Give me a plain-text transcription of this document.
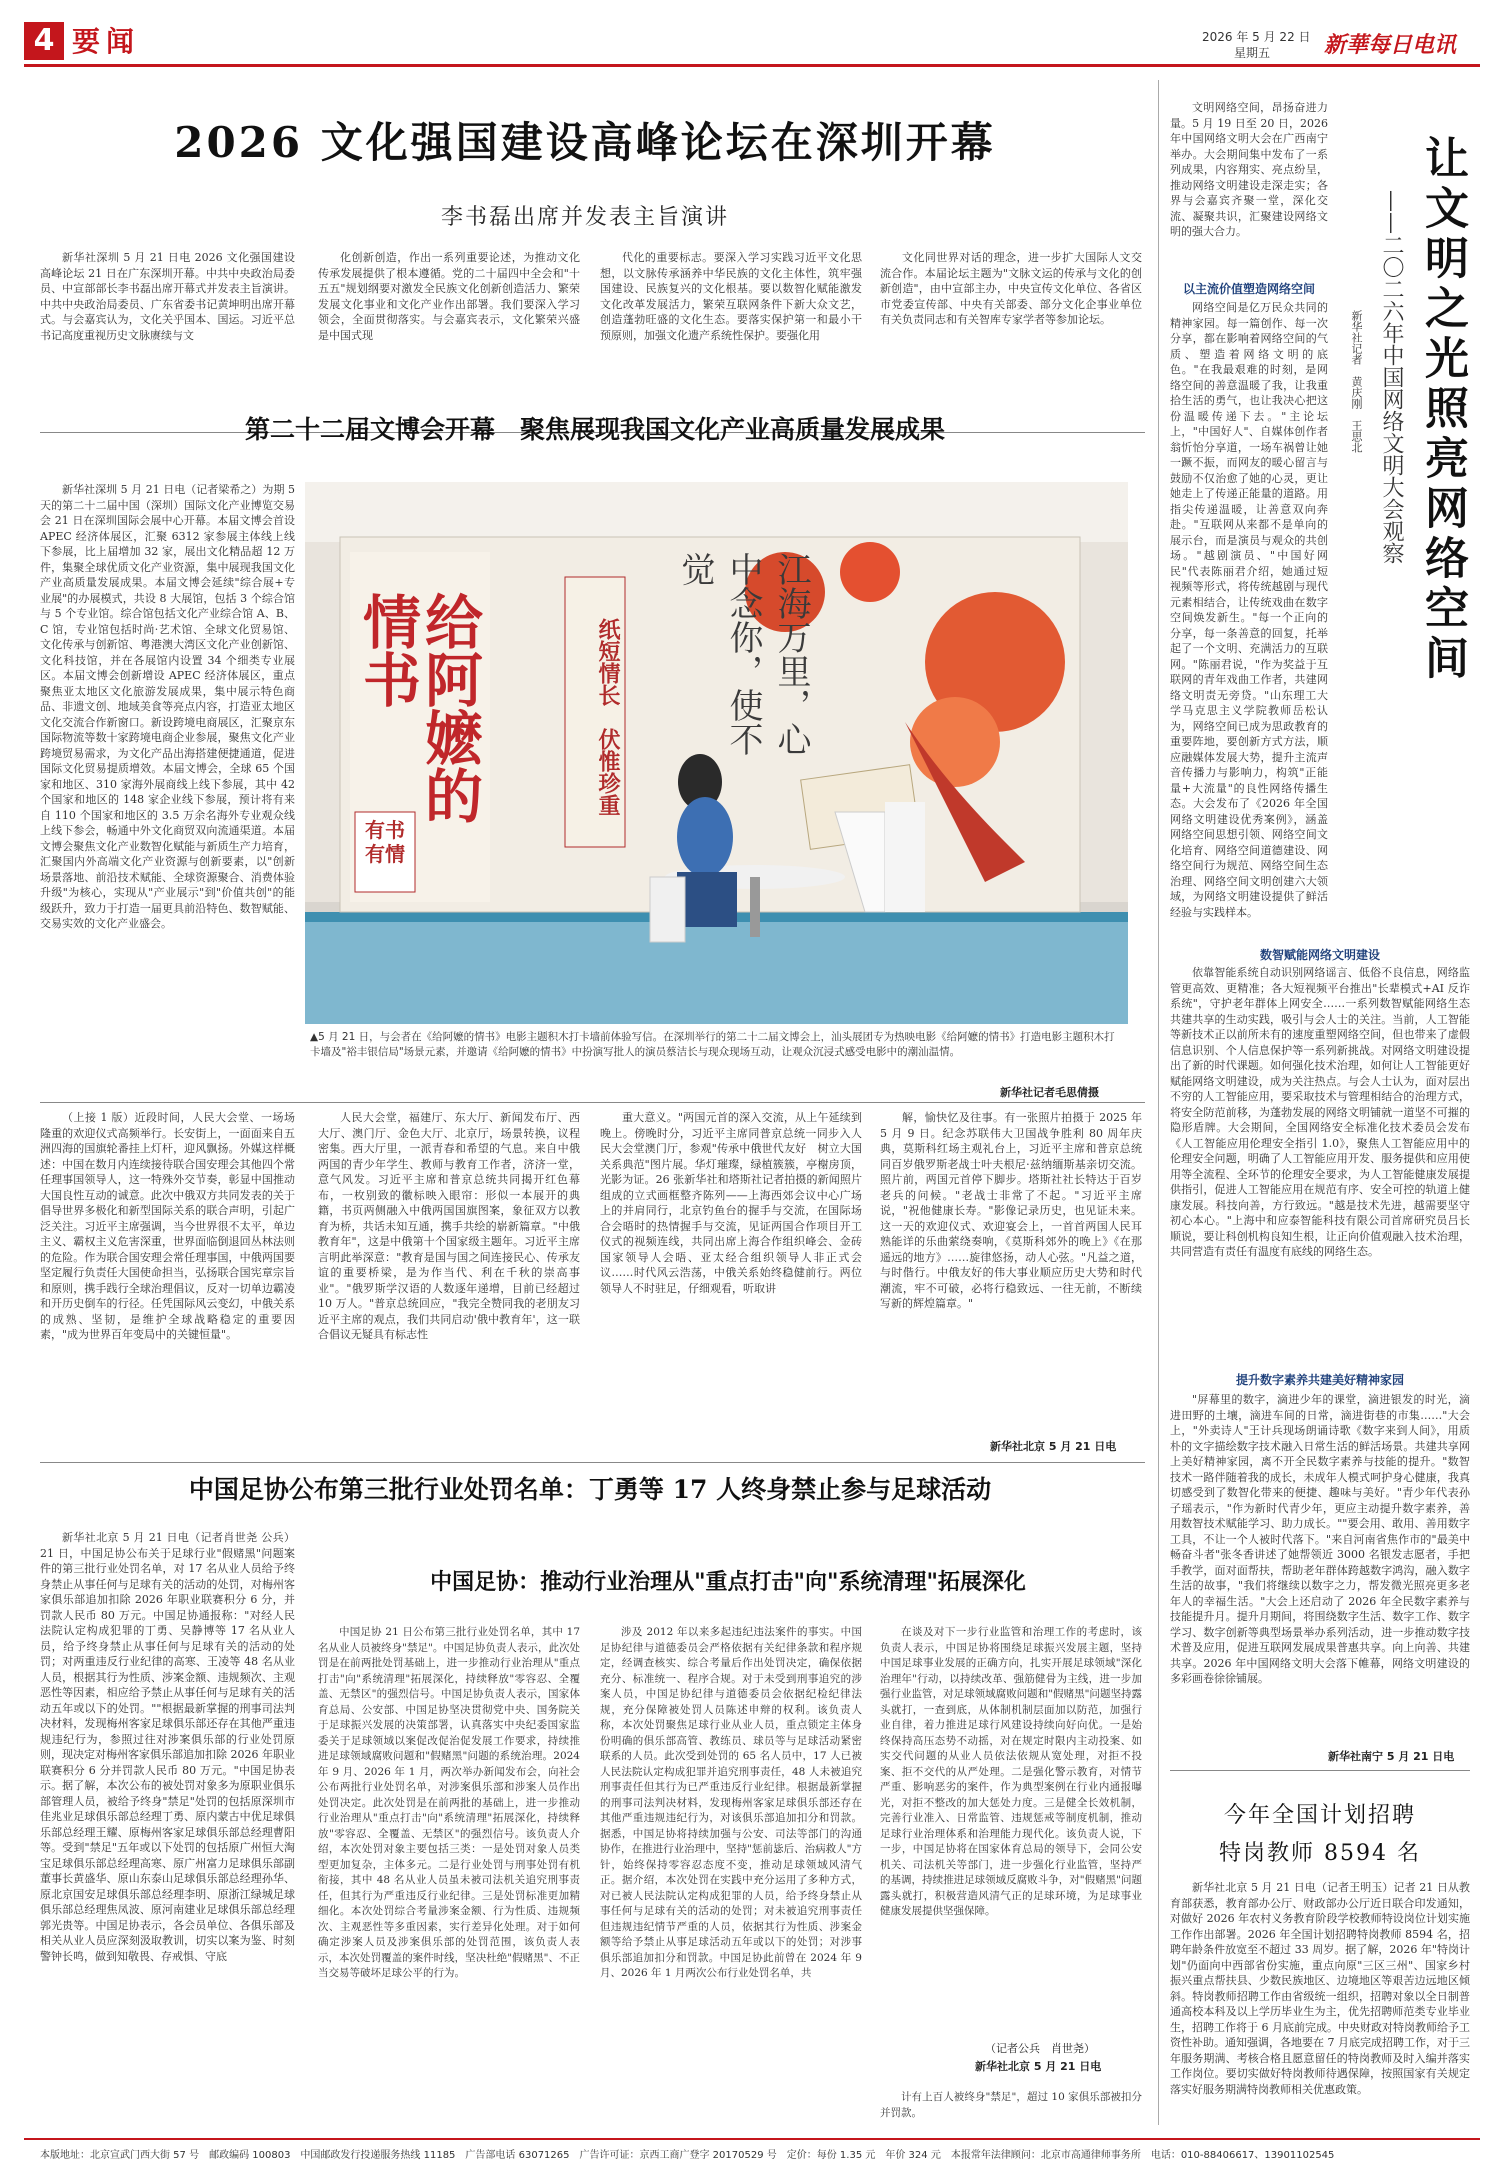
4 要闻	2026 年 5 月 22 日
星期五 新華每日电讯
2026 文化强国建设高峰论坛在深圳开幕
李书磊出席并发表主旨演讲
新华社深圳 5 月 21 日电 2026 文化强国建设高峰论坛 21 日在广东深圳开幕。中共中央政治局委员、中宣部部长李书磊出席开幕式并发表主旨演讲。中共中央政治局委员、广东省委书记黄坤明出席开幕式。与会嘉宾认为，文化关乎国本、国运。习近平总书记高度重视历史文脉赓续与文
化创新创造，作出一系列重要论述，为推动文化传承发展提供了根本遵循。党的二十届四中全会和"十五五"规划纲要对激发全民族文化创新创造活力、繁荣发展文化事业和文化产业作出部署。我们要深入学习领会，全面贯彻落实。与会嘉宾表示，文化繁荣兴盛是中国式现
代化的重要标志。要深入学习实践习近平文化思想，以文脉传承涵养中华民族的文化主体性，筑牢强国建设、民族复兴的文化根基。要以数智化赋能激发文化改革发展活力，繁荣互联网条件下新大众文艺，创造蓬勃旺盛的文化生态。要落实保护第一和最小干预原则，加强文化遗产系统性保护。要强化用
文化同世界对话的理念，进一步扩大国际人文交流合作。本届论坛主题为"文脉文运的传承与文化的创新创造"，由中宣部主办，中央宣传文化单位、各省区市党委宣传部、中央有关部委、部分文化企事业单位有关负责同志和有关智库专家学者等参加论坛。
第二十二届文博会开幕　聚焦展现我国文化产业高质量发展成果
新华社深圳 5 月 21 日电（记者梁希之）为期 5 天的第二十二届中国（深圳）国际文化产业博览交易会 21 日在深圳国际会展中心开幕。本届文博会首设 APEC 经济体展区，汇聚 6312 家参展主体线上线下参展，比上届增加 32 家，展出文化精品超 12 万件，集聚全球优质文化产业资源，集中展现我国文化产业高质量发展成果。本届文博会延续"综合展+专业展"的办展模式，共设 8 大展馆，包括 3 个综合馆与 5 个专业馆。综合馆包括文化产业综合馆 A、B、C 馆，专业馆包括时尚·艺术馆、全球文化贸易馆、文化传承与创新馆、粤港澳大湾区文化产业创新馆、文化科技馆，并在各展馆内设置 34 个细类专业展区。本届文博会创新增设 APEC 经济体展区，重点聚焦亚太地区文化旅游发展成果，集中展示特色商品、非遗文创、地域美食等亮点内容，打造亚太地区文化交流合作新窗口。新设跨境电商展区，汇聚京东国际物流等数十家跨境电商企业参展，聚焦文化产业跨境贸易需求，为文化产品出海搭建便捷通道，促进国际文化贸易提质增效。本届文博会，全球 65 个国家和地区、310 家海外展商线上线下参展，其中 42 个国家和地区的 148 家企业线下参展，预计将有来自 110 个国家和地区的 3.5 万余名海外专业观众线上线下参会，畅通中外文化商贸双向流通渠道。本届文博会聚焦文化产业数智化赋能与新质生产力培育，汇聚国内外高端文化产业资源与创新要素，以"创新场景落地、前沿技术赋能、全球资源聚合、消费体验升级"为核心，实现从"产业展示"到"价值共创"的能级跃升，致力于打造一届更具前沿特色、数智赋能、交易实效的文化产业盛会。
给阿嬷的情书	江海万里，心中念你，使不觉
纸短情长　伏惟珍重
有书有情
▲5 月 21 日，与会者在《给阿嬷的情书》电影主题积木打卡墙前体验写信。在深圳举行的第二十二届文博会上，汕头展团专为热映电影《给阿嬷的情书》打造电影主题积木打卡墙及"裕丰银信局"场景元素，并邀请《给阿嬷的情书》中扮演写批人的演员蔡洁长与现众现场互动，让观众沉浸式感受电影中的潮汕温情。
新华社记者毛思倩摄
（上接 1 版）近段时间，人民大会堂、一场场隆重的欢迎仪式高频举行。长安街上，一面面来自五洲四海的国旗轮番挂上灯杆，迎风飘扬。外媒这样概述：中国在数月内连续接待联合国安理会其他四个常任理事国领导人，这一特殊外交节奏，彰显中国推动大国良性互动的诚意。此次中俄双方共同发表的关于倡导世界多极化和新型国际关系的联合声明，引起广泛关注。习近平主席强调，当今世界很不太平，单边主义、霸权主义危害深重，世界面临倒退回丛林法则的危险。作为联合国安理会常任理事国，中俄两国要坚定履行负责任大国使命担当，弘扬联合国宪章宗旨和原则，携手践行全球治理倡议，反对一切单边霸凌和开历史倒车的行径。任凭国际风云变幻，中俄关系的成熟、坚韧，是维护全球战略稳定的重要因素，"成为世界百年变局中的关键恒量"。
人民大会堂，福建厅、东大厅、新闻发布厅、西大厅、澳门厅、金色大厅、北京厅，场景转换，议程密集。西大厅里，一派青春和希望的气息。来自中俄两国的青少年学生、教师与教育工作者，济济一堂，意气风发。习近平主席和普京总统共同揭开红色幕布，一枚别致的徽标映入眼帘：形似一本展开的典籍，书页两侧融入中俄两国国旗图案，象征双方以教育为桥，共话未知互通，携手共绘的崭新篇章。"中俄教育年"，这是中俄第十个国家级主题年。习近平主席言明此举深意："教育是国与国之间连接民心、传承友谊的重要桥梁，是为作当代、利在千秋的崇高事业"。"俄罗斯学汉语的人数逐年递增，目前已经超过 10 万人。"普京总统回应，"我完全赞同我的老朋友习近平主席的观点，我们共同启动'俄中教育年'，这一联合倡议无疑具有标志性
重大意义。"两国元首的深入交流，从上午延续到晚上。傍晚时分，习近平主席同普京总统一同步入人民大会堂澳门厅，参观"传承中俄世代友好　树立大国关系典范"图片展。华灯璀璨，绿植簇簇，亭榭房顶，光影为证。26 张新华社和塔斯社记者拍摄的新闻照片组成的立式画框整齐陈列——上海西郊会议中心广场上的并肩同行，北京钓鱼台的握手与交流，在国际场合会晤时的热情握手与交流，见证两国合作项目开工仪式的视频连线，共同出席上海合作组织峰会、金砖国家领导人会晤、亚太经合组织领导人非正式会议……时代风云浩荡，中俄关系始终稳健前行。两位领导人不时驻足，仔细观看，听取讲
解，愉快忆及往事。有一张照片拍摄于 2025 年 5 月 9 日。纪念苏联伟大卫国战争胜利 80 周年庆典，莫斯科红场主观礼台上，习近平主席和普京总统同百岁俄罗斯老战士叶夫根尼·兹纳缅斯基亲切交流。照片前，两国元首停下脚步。塔斯社社长特达于百岁老兵的问候。"老战士非常了不起。"习近平主席说，"祝他健康长寿。"影像记录历史，也见证未来。这一天的欢迎仪式、欢迎宴会上，一首首两国人民耳熟能详的乐曲萦绕奏响，《莫斯科郊外的晚上》《在那遥远的地方》……旋律悠扬，动人心弦。"凡益之道，与时偕行。中俄友好的伟大事业顺应历史大势和时代潮流，牢不可破，必将行稳致远、一往无前，不断续写新的辉煌篇章。"
新华社北京 5 月 21 日电
中国足协公布第三批行业处罚名单：丁勇等 17 人终身禁止参与足球活动
新华社北京 5 月 21 日电（记者肖世尧 公兵）21 日，中国足协公布关于足球行业"假赌黑"问题案件的第三批行业处罚名单，对 17 名从业人员给予终身禁止从事任何与足球有关的活动的处罚，对梅州客家俱乐部追加扣除 2026 年职业联赛积分 6 分，并罚款人民币 80 万元。中国足协通报称："对经人民法院认定构成犯罪的丁勇、吴静博等 17 名从业人员，给予终身禁止从事任何与足球有关的活动的处罚；对两重违反行业纪律的高寒、王凌等 48 名从业人员，根据其行为性质、涉案金额、违规频次、主观恶性等因素，相应给予禁止从事任何与足球有关的活动五年或以下的处罚。""根据最新掌握的刑事司法判决材料，发现梅州客家足球俱乐部还存在其他严重违规违纪行为，参照过往对涉案俱乐部的行业处罚原则，现决定对梅州客家俱乐部追加扣除 2026 年职业联赛积分 6 分并罚款人民币 80 万元。"中国足协表示。据了解，本次公布的被处罚对象多为原职业俱乐部管理人员，被给予终身"禁足"处罚的包括原深圳市佳兆业足球俱乐部总经理丁勇、原内蒙古中优足球俱乐部总经理王耀、原梅州客家足球俱乐部总经理曹阳等。受到"禁足"五年或以下处罚的包括原广州恒大淘宝足球俱乐部总经理高寒、原广州富力足球俱乐部副董事长黄盛华、原山东泰山足球俱乐部总经理孙华、原北京国安足球俱乐部总经理李明、原浙江绿城足球俱乐部总经理焦凤波、原河南建业足球俱乐部总经理郭光贵等。中国足协表示，各会员单位、各俱乐部及相关从业人员应深刻汲取教训，切实以案为鉴、时刻警钟长鸣，做到知敬畏、存戒惧、守底
中国足协：推动行业治理从"重点打击"向"系统清理"拓展深化
中国足协 21 日公布第三批行业处罚名单，其中 17 名从业人员被终身"禁足"。中国足协负责人表示，此次处罚是在前两批处罚基础上，进一步推动行业治理从"重点打击"向"系统清理"拓展深化，持续释放"零容忍、全覆盖、无禁区"的强烈信号。中国足协负责人表示，国家体育总局、公安部、中国足协坚决贯彻党中央、国务院关于足球振兴发展的决策部署，认真落实中央纪委国家监委关于足球领域以案促改促治促发展工作要求，持续推进足球领域腐败问题和"假赌黑"问题的系统治理。2024 年 9 月、2026 年 1 月，两次举办新闻发布会，向社会公布两批行业处罚名单，对涉案俱乐部和涉案人员作出处罚决定。此次处罚是在前两批的基础上，进一步推动行业治理从"重点打击"向"系统清理"拓展深化，持续释放"零容忍、全覆盖、无禁区"的强烈信号。该负责人介绍，本次处罚对象主要包括三类：一是处罚对象人员类型更加复杂，主体多元。二是行业处罚与刑事处罚有机衔接，其中 48 名从业人员虽未被司法机关追究刑事责任，但其行为严重违反行业纪律。三是处罚标准更加精细化。本次处罚综合考量涉案金额、行为性质、违规频次、主观恶性等多重因素，实行差异化处理。对于如何确定涉案人员及涉案俱乐部的处罚范围，该负责人表示，本次处罚覆盖的案件时线，坚决杜绝"假赌黑"、不正当交易等破坏足球公平的行为。
涉及 2012 年以来多起违纪违法案件的事实。中国足协纪律与道德委员会严格依据有关纪律条款和程序规定，经调查核实、综合考量后作出处罚决定，确保依据充分、标准统一、程序合规。对于未受到刑事追究的涉案人员，中国足协纪律与道德委员会依据纪检纪律法规，充分保障被处罚人员陈述申辩的权利。该负责人称，本次处罚聚焦足球行业从业人员，重点锁定主体身份明确的俱乐部高管、教练员、球员等与足球活动紧密联系的人员。此次受到处罚的 65 名人员中，17 人已被人民法院认定构成犯罪并追究刑事责任，48 人未被追究刑事责任但其行为已严重违反行业纪律。根据最新掌握的刑事司法判决材料，发现梅州客家足球俱乐部还存在其他严重违规违纪行为，对该俱乐部追加扣分和罚款。据悉，中国足协将持续加强与公安、司法等部门的沟通协作，在推进行业治理中，坚持"惩前毖后、治病救人"方针，始终保持零容忍态度不变，推动足球领域风清气正。据介绍，本次处罚在实践中充分运用了多种方式，对已被人民法院认定构成犯罪的人员，给予终身禁止从事任何与足球有关的活动的处罚；对未被追究刑事责任但违规违纪情节严重的人员，依据其行为性质、涉案金额等给予禁止从事足球活动五年或以下的处罚；对涉事俱乐部追加扣分和罚款。中国足协此前曾在 2024 年 9 月、2026 年 1 月两次公布行业处罚名单，共
在谈及对下一步行业监管和治理工作的考虑时，该负责人表示，中国足协将围绕足球振兴发展主题，坚持中国足球事业发展的正确方向，扎实开展足球领域"深化治理年"行动，以持续改革、强筋健骨为主线，进一步加强行业监管，对足球领域腐败问题和"假赌黑"问题坚持露头就打，一查到底，从体制机制层面加以防范，加强行业自律，着力推进足球行风建设持续向好向优。一是始终保持高压态势不动摇，对在规定时限内主动投案、如实交代问题的从业人员依法依规从宽处理，对拒不投案、拒不交代的从严处理。二是强化警示教育，对情节严重、影响恶劣的案件，作为典型案例在行业内通报曝光，对拒不整改的加大惩处力度。三是健全长效机制，完善行业准入、日常监管、违规惩戒等制度机制，推动足球行业治理体系和治理能力现代化。该负责人说，下一步，中国足协将在国家体育总局的领导下，会同公安机关、司法机关等部门，进一步强化行业监管，坚持严的基调，持续推进足球领域反腐败斗争，对"假赌黑"问题露头就打，积极营造风清气正的足球环境，为足球事业健康发展提供坚强保障。
（记者公兵　肖世尧）
新华社北京 5 月 21 日电
计有上百人被终身"禁足"，超过 10 家俱乐部被扣分并罚款。
文明网络空间，昂扬奋进力量。5 月 19 日至 20 日，2026 年中国网络文明大会在广西南宁举办。大会期间集中发布了一系列成果，内容翔实、亮点纷呈，推动网络文明建设走深走实；各界与会嘉宾齐聚一堂，深化交流、凝聚共识，汇聚建设网络文明的强大合力。	让文明之光照亮网络空间
——二〇二六年中国网络文明大会观察
新华社记者　黄庆刚　王思北
以主流价值塑造网络空间
网络空间是亿万民众共同的精神家园。每一篇创作、每一次分享，都在影响着网络空间的气质、塑造着网络文明的底色。"在我最艰难的时刻，是网络空间的善意温暖了我，让我重拾生活的勇气，也让我决心把这份温暖传递下去。"主论坛上，"中国好人"、自媒体创作者翁忻怡分享道，一场车祸曾让她一蹶不振，而网友的暖心留言与鼓励不仅治愈了她的心灵，更让她走上了传递正能量的道路。用指尖传递温暖，让善意双向奔赴。"互联网从来都不是单向的展示台，而是演员与观众的共创场。"越剧演员、"中国好网民"代表陈丽君介绍，她通过短视频等形式，将传统越剧与现代元素相结合，让传统戏曲在数字空间焕发新生。"每一个正向的分享，每一条善意的回复，托举起了一个文明、充满活力的互联网。"陈丽君说，"作为奖益于互联网的青年戏曲工作者，共建网络文明责无旁贷。"山东理工大学马克思主义学院教师岳松认为，网络空间已成为思政教育的重要阵地，要创新方式方法，顺应融媒体发展大势，提升主流声音传播力与影响力，构筑"正能量+大流量"的良性网络传播生态。大会发布了《2026 年全国网络文明建设优秀案例》，涵盖网络空间思想引领、网络空间文化培育、网络空间道德建设、网络空间行为规范、网络空间生态治理、网络空间文明创建六大领域，为网络文明建设提供了鲜活经验与实践样本。
数智赋能网络文明建设
依靠智能系统自动识别网络谣言、低俗不良信息，网络监管更高效、更精准；各大短视频平台推出"长辈模式+AI 反诈系统"，守护老年群体上网安全……一系列数智赋能网络生态共建共享的生动实践，吸引与会人士的关注。当前，人工智能等新技术正以前所未有的速度重塑网络空间，但也带来了虚假信息识别、个人信息保护等一系列新挑战。对网络文明建设提出了新的时代课题。如何强化技术治理，如何让人工智能更好赋能网络文明建设，成为关注热点。与会人士认为，面对层出不穷的人工智能应用，要采取技术与管理相结合的治理方式，将安全防范前移，为蓬勃发展的网络文明铺就一道坚不可摧的隐形盾牌。大会期间，全国网络安全标准化技术委员会发布《人工智能应用伦理安全指引 1.0》，聚焦人工智能应用中的伦理安全问题，明确了人工智能应用开发、服务提供和应用使用等全流程、全环节的伦理安全要求，为人工智能健康发展提供指引，促进人工智能应用在规范有序、安全可控的轨道上健康发展。科技向善，方行致远。"越是技术先进，越需要坚守初心本心。"上海中和应泰智能科技有限公司首席研究员吕长顺说，要让科创机构良知生根，让正向价值观融入技术治理，共同营造有责任有温度有底线的网络生态。
提升数字素养共建美好精神家园
"屏幕里的数字，滴进少年的课堂，滴进银发的时光，滴进田野的土壤，滴进车间的日常，滴进街巷的市集……"大会上，"外卖诗人"王计兵现场朗诵诗歌《数字来到人间》，用质朴的文字描绘数字技术融入日常生活的鲜活场景。共建共享网上美好精神家园，离不开全民数字素养与技能的提升。"数智技术一路伴随着我的成长，未成年人模式呵护身心健康，我真切感受到了数智化带来的便捷、趣味与美好。"青少年代表孙子瑶表示，"作为新时代青少年，更应主动提升数字素养，善用数智技术赋能学习、助力成长。""要会用、敢用、善用数字工具，不让一个人被时代落下。"来自河南省焦作市的"最美中畅奋斗者"张冬香讲述了她帮领近 3000 名银发志愿者，手把手教学，面对面帮扶，帮助老年群体跨越数字鸿沟，融入数字生活的故事，"我们将继续以数字之力，帮发微光照亮更多老年人的幸福生活。"大会上还启动了 2026 年全民数字素养与技能提升月。提升月期间，将围绕数字生活、数字工作、数字学习、数字创新等典型场景举办系列活动，进一步推动数字技术普及应用，促进互联网发展成果普惠共享。向上向善、共建共享。2026 年中国网络文明大会落下帷幕，网络文明建设的多彩画卷徐徐铺展。
新华社南宁 5 月 21 日电
今年全国计划招聘
特岗教师 8594 名
新华社北京 5 月 21 日电（记者王明玉）记者 21 日从教育部获悉，教育部办公厅、财政部办公厅近日联合印发通知，对做好 2026 年农村义务教育阶段学校教师特设岗位计划实施工作作出部署。2026 年全国计划招聘特岗教师 8594 名，招聘年龄条件放宽至不超过 33 周岁。据了解，2026 年"特岗计划"仍面向中西部省份实施，重点向原"三区三州"、国家乡村振兴重点帮扶县、少数民族地区、边境地区等艰苦边远地区倾斜。特岗教师招聘工作由省级统一组织，招聘对象以全日制普通高校本科及以上学历毕业生为主，优先招聘师范类专业毕业生，招聘工作将于 6 月底前完成。中央财政对特岗教师给予工资性补助。通知强调，各地要在 7 月底完成招聘工作，对于三年服务期满、考核合格且愿意留任的特岗教师及时入编并落实工作岗位。要切实做好特岗教师待遇保障，按照国家有关规定落实好服务期满特岗教师相关优惠政策。
本版地址：北京宣武门西大街 57 号　邮政编码 100803　中国邮政发行投递服务热线 11185　广告部电话 63071265　广告许可证：京西工商广登字 20170529 号　定价：每份 1.35 元　年价 324 元　本报常年法律顾问：北京市高通律师事务所　电话：010-88406617、13901102545
